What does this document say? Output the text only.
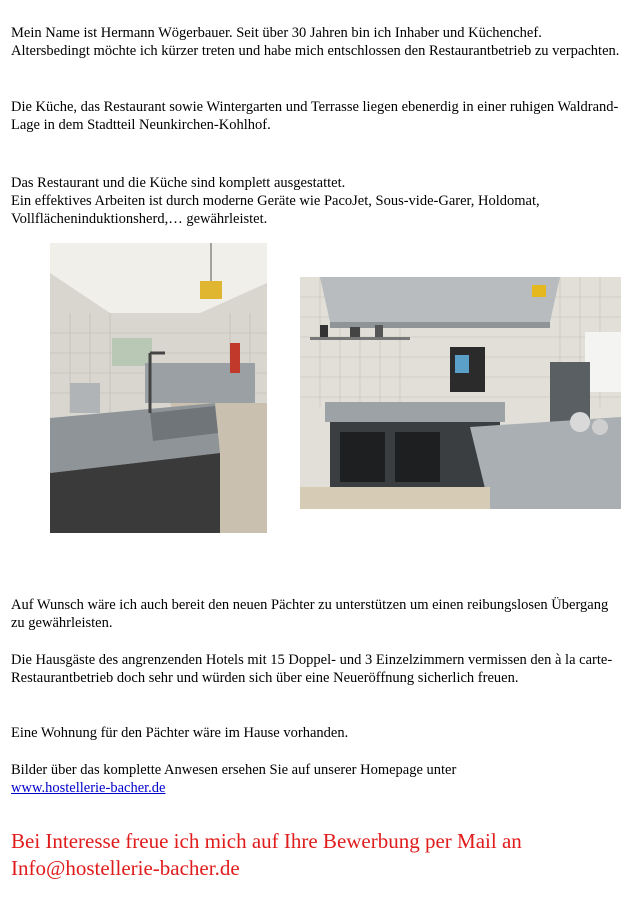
Mein Name ist Hermann Wögerbauer. Seit über 30 Jahren bin ich Inhaber und Küchenchef. Altersbedingt möchte ich kürzer treten und habe mich entschlossen den Restaurantbetrieb zu verpachten.

Die Küche, das Restaurant sowie Wintergarten und Terrasse liegen ebenerdig in einer ruhigen Waldrand-Lage in dem Stadtteil Neunkirchen-Kohlhof.

Das Restaurant und die Küche sind komplett ausgestattet.

Ein effektives Arbeiten ist durch moderne Geräte wie PacoJet, Sous-vide-Garer, Holdomat, Vollflächeninduktionsherd,… gewährleistet.

Auf Wunsch wäre ich auch bereit den neuen Pächter zu unterstützen um einen reibungslosen Übergang zu gewährleisten.

Die Hausgäste des angrenzenden Hotels mit 15 Doppel- und 3 Einzelzimmern vermissen den à la carte- Restaurantbetrieb doch sehr und würden sich über eine Neueröffnung sicherlich freuen.

Eine Wohnung für den Pächter wäre im Hause vorhanden.

Bilder über das komplette Anwesen ersehen Sie auf unserer Homepage unter

www.hostellerie-bacher.de

Bei Interesse freue ich mich auf Ihre Bewerbung per Mail an

Info@hostellerie-bacher.de
